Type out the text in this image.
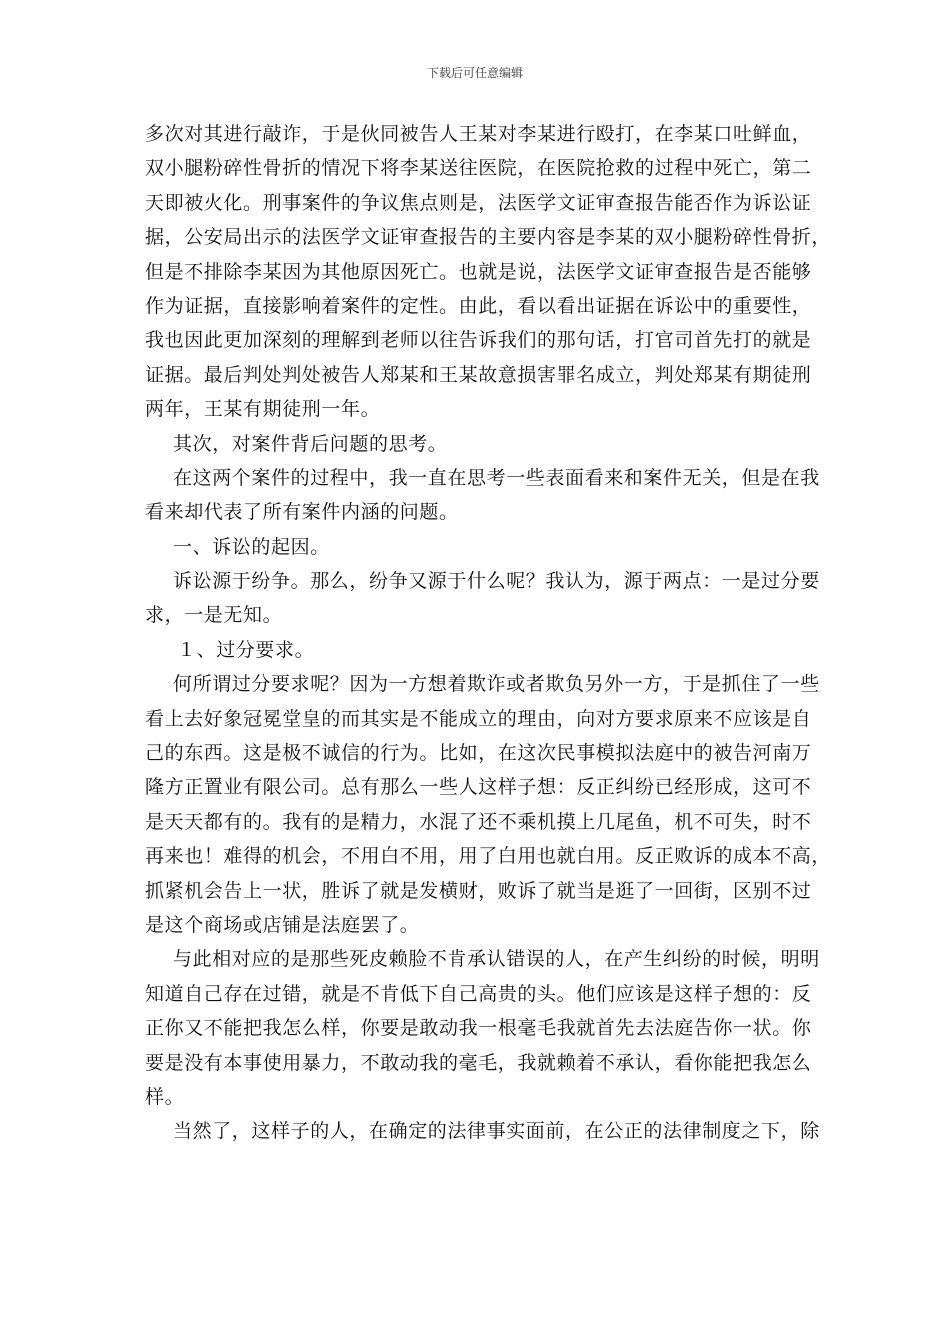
下载后可任意编辑
多次对其进行敲诈，于是伙同被告人王某对李某进行殴打，在李某口吐鲜血，
双小腿粉碎性骨折的情况下将李某送往医院，在医院抢救的过程中死亡，第二
天即被火化。刑事案件的争议焦点则是，法医学文证审查报告能否作为诉讼证
据，公安局出示的法医学文证审查报告的主要内容是李某的双小腿粉碎性骨折，
但是不排除李某因为其他原因死亡。也就是说，法医学文证审查报告是否能够
作为证据，直接影响着案件的定性。由此，看以看出证据在诉讼中的重要性，
我也因此更加深刻的理解到老师以往告诉我们的那句话，打官司首先打的就是
证据。最后判处判处被告人郑某和王某故意损害罪名成立，判处郑某有期徒刑
两年，王某有期徒刑一年。
其次，对案件背后问题的思考。
在这两个案件的过程中，我一直在思考一些表面看来和案件无关，但是在我
看来却代表了所有案件内涵的问题。
一、诉讼的起因。
诉讼源于纷争。那么，纷争又源于什么呢？我认为，源于两点：一是过分要
求，一是无知。
１、过分要求。
何所谓过分要求呢？因为一方想着欺诈或者欺负另外一方，于是抓住了一些
看上去好象冠冕堂皇的而其实是不能成立的理由，向对方要求原来不应该是自
己的东西。这是极不诚信的行为。比如，在这次民事模拟法庭中的被告河南万
隆方正置业有限公司。总有那么一些人这样子想：反正纠纷已经形成，这可不
是天天都有的。我有的是精力，水混了还不乘机摸上几尾鱼，机不可失，时不
再来也！难得的机会，不用白不用，用了白用也就白用。反正败诉的成本不高，
抓紧机会告上一状，胜诉了就是发横财，败诉了就当是逛了一回街，区别不过
是这个商场或店铺是法庭罢了。
与此相对应的是那些死皮赖脸不肯承认错误的人，在产生纠纷的时候，明明
知道自己存在过错，就是不肯低下自己高贵的头。他们应该是这样子想的：反
正你又不能把我怎么样，你要是敢动我一根毫毛我就首先去法庭告你一状。你
要是没有本事使用暴力，不敢动我的毫毛，我就赖着不承认，看你能把我怎么
样。
当然了，这样子的人，在确定的法律事实面前，在公正的法律制度之下，除
